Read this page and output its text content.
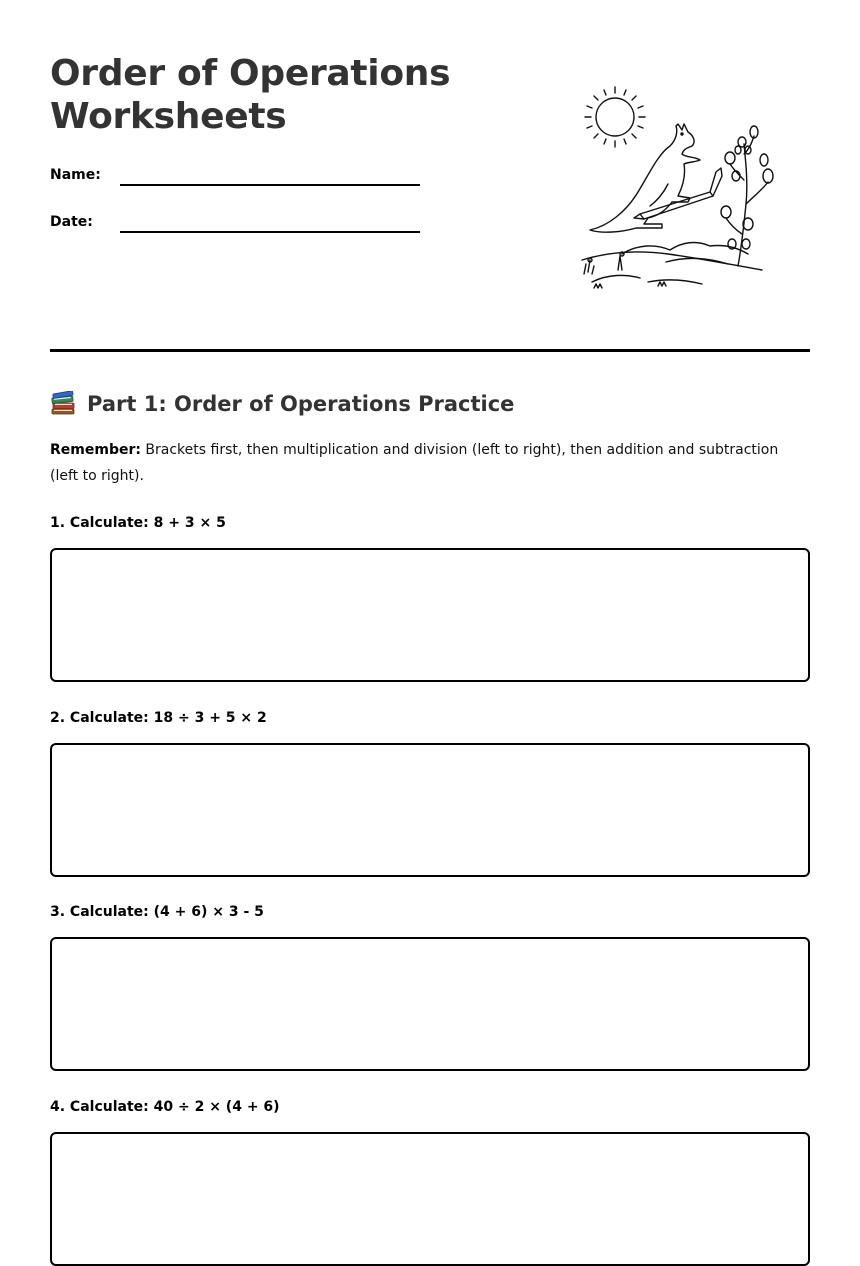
Order of Operations
Worksheets
Name:
Date:
Part 1: Order of Operations Practice

Remember: Brackets first, then multiplication and division (left to right), then addition and subtraction (left to right).

1. Calculate: 8 + 3 × 5

2. Calculate: 18 ÷ 3 + 5 × 2

3. Calculate: (4 + 6) × 3 - 5

4. Calculate: 40 ÷ 2 × (4 + 6)
